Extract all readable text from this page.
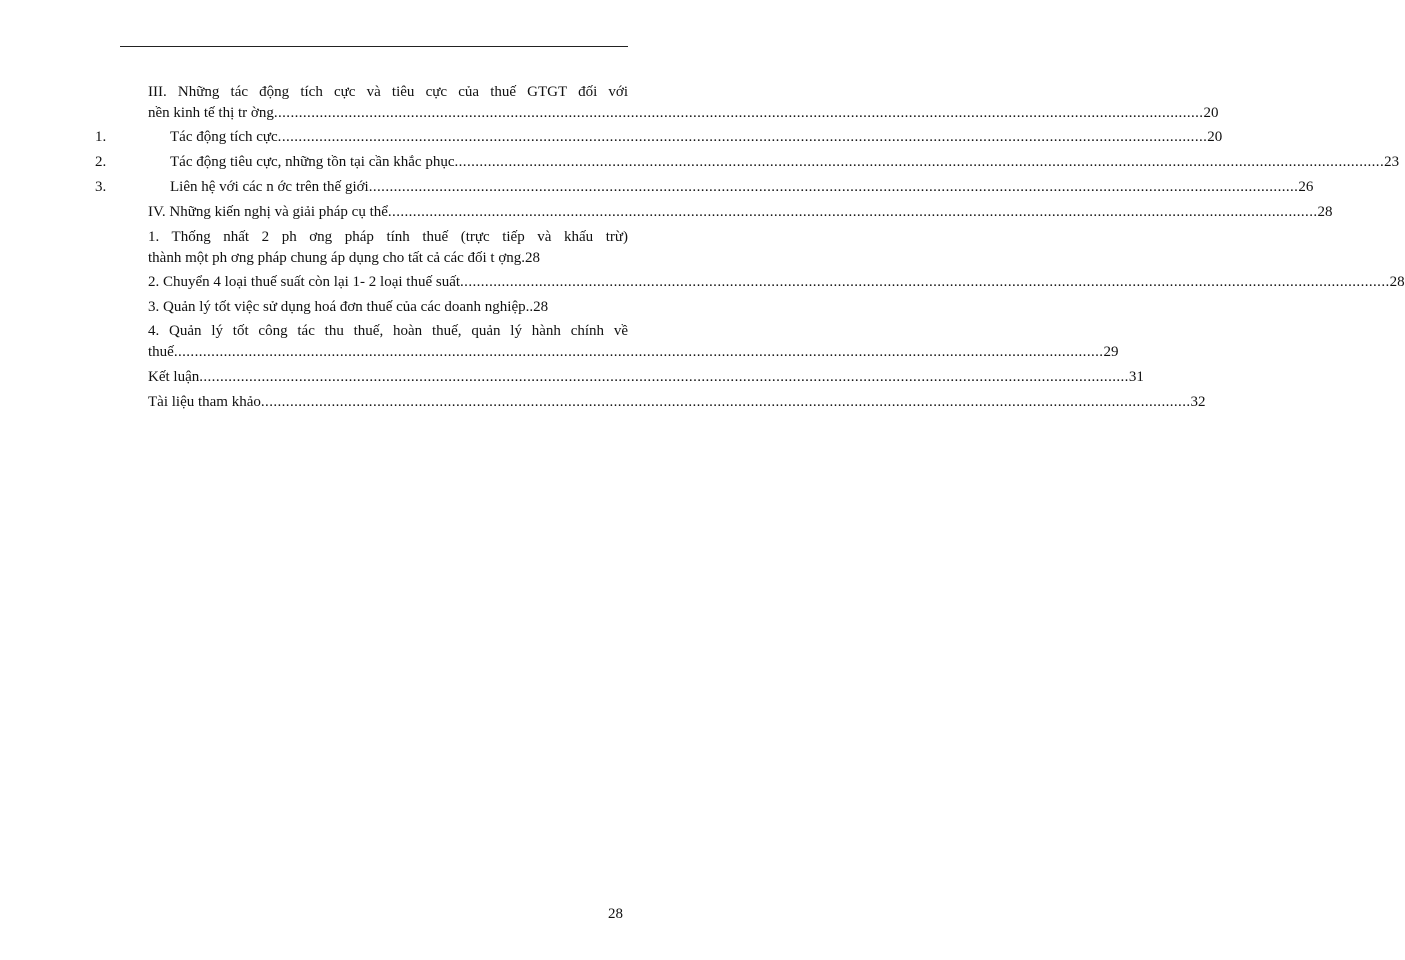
III. Những tác động tích cực và tiêu cực của thuế GTGT đối với
nền kinh tế thị tr ờng .....	20
1.	Tác động tích cực .....	20
2.	Tác động tiêu cực, những tồn tại cần khắc phục .....	23
3.	Liên hệ với các n ớc trên thế giới .....	26
IV. Những kiến nghị và giải pháp cụ thể .....	28
1. Thống nhất 2 ph ơng pháp tính thuế (trực tiếp và khấu trừ)
thành một ph ơng pháp chung áp dụng cho tất cả các đối t ợng. 28
2. Chuyển 4 loại thuế suất còn lại 1- 2 loại thuế suất .....	28
3. Quản lý tốt việc sử dụng hoá đơn thuế của các doanh nghiệp.. 28
4. Quản lý tốt công tác thu thuế, hoàn thuế, quản lý hành chính về
thuế .....	29
Kết luận .....	31
Tài liệu tham khảo .....	32
28
